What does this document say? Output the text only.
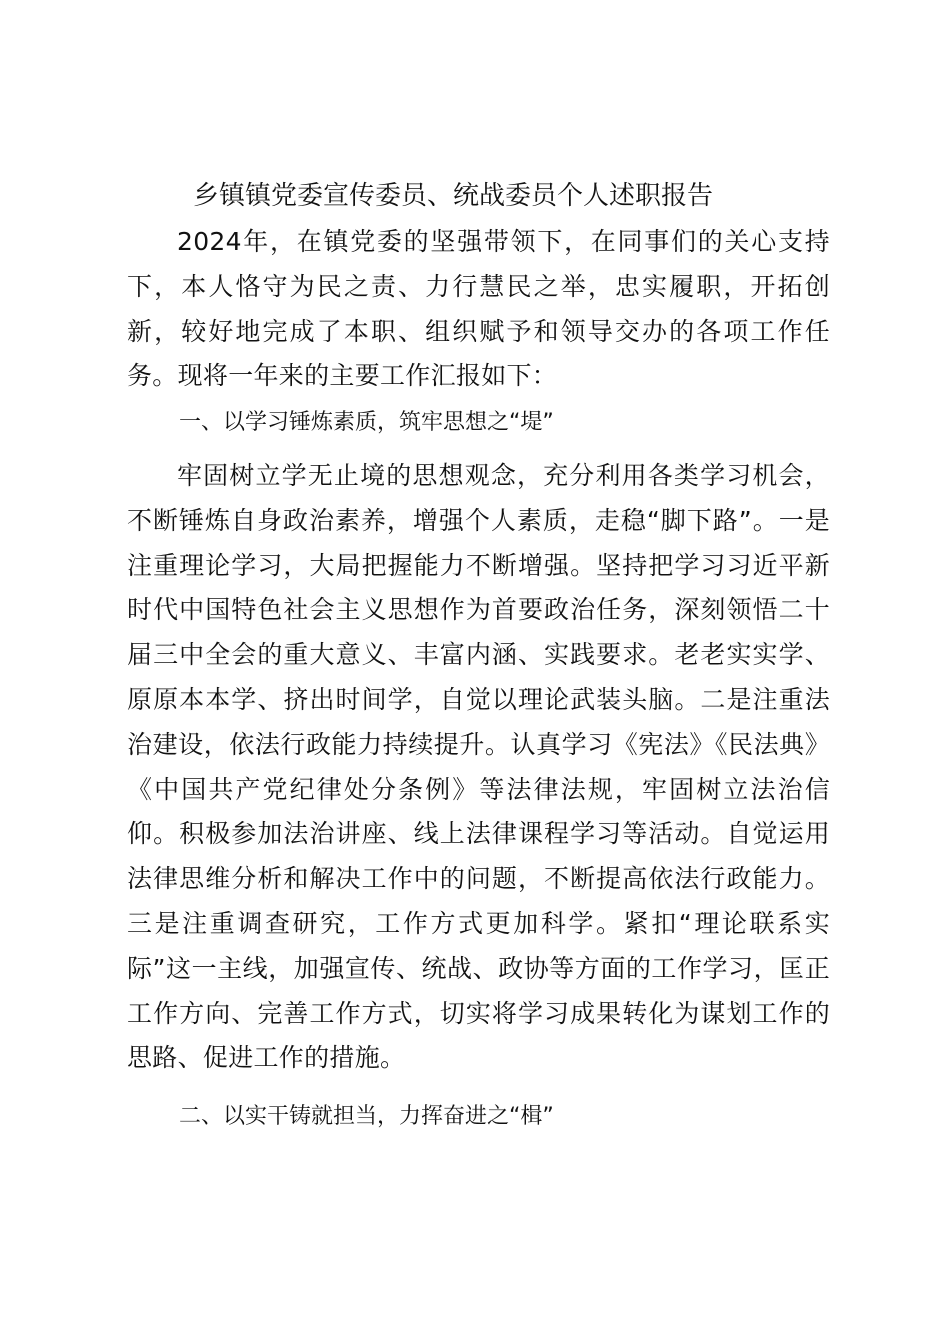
乡镇镇党委宣传委员、统战委员个人述职报告

2024年，在镇党委的坚强带领下，在同事们的关心支持下，本人恪守为民之责、力行慧民之举，忠实履职，开拓创新，较好地完成了本职、组织赋予和领导交办的各项工作任务。现将一年来的主要工作汇报如下：

一、以学习锤炼素质，筑牢思想之“堤”

牢固树立学无止境的思想观念，充分利用各类学习机会，不断锤炼自身政治素养，增强个人素质，走稳“脚下路”。一是注重理论学习，大局把握能力不断增强。坚持把学习习近平新时代中国特色社会主义思想作为首要政治任务，深刻领悟二十届三中全会的重大意义、丰富内涵、实践要求。老老实实学、原原本本学、挤出时间学，自觉以理论武装头脑。二是注重法治建设，依法行政能力持续提升。认真学习《宪法》《民法典》《中国共产党纪律处分条例》等法律法规，牢固树立法治信仰。积极参加法治讲座、线上法律课程学习等活动。自觉运用法律思维分析和解决工作中的问题，不断提高依法行政能力。三是注重调查研究，工作方式更加科学。紧扣“理论联系实际”这一主线，加强宣传、统战、政协等方面的工作学习，匡正工作方向、完善工作方式，切实将学习成果转化为谋划工作的思路、促进工作的措施。

二、以实干铸就担当，力挥奋进之“楫”
